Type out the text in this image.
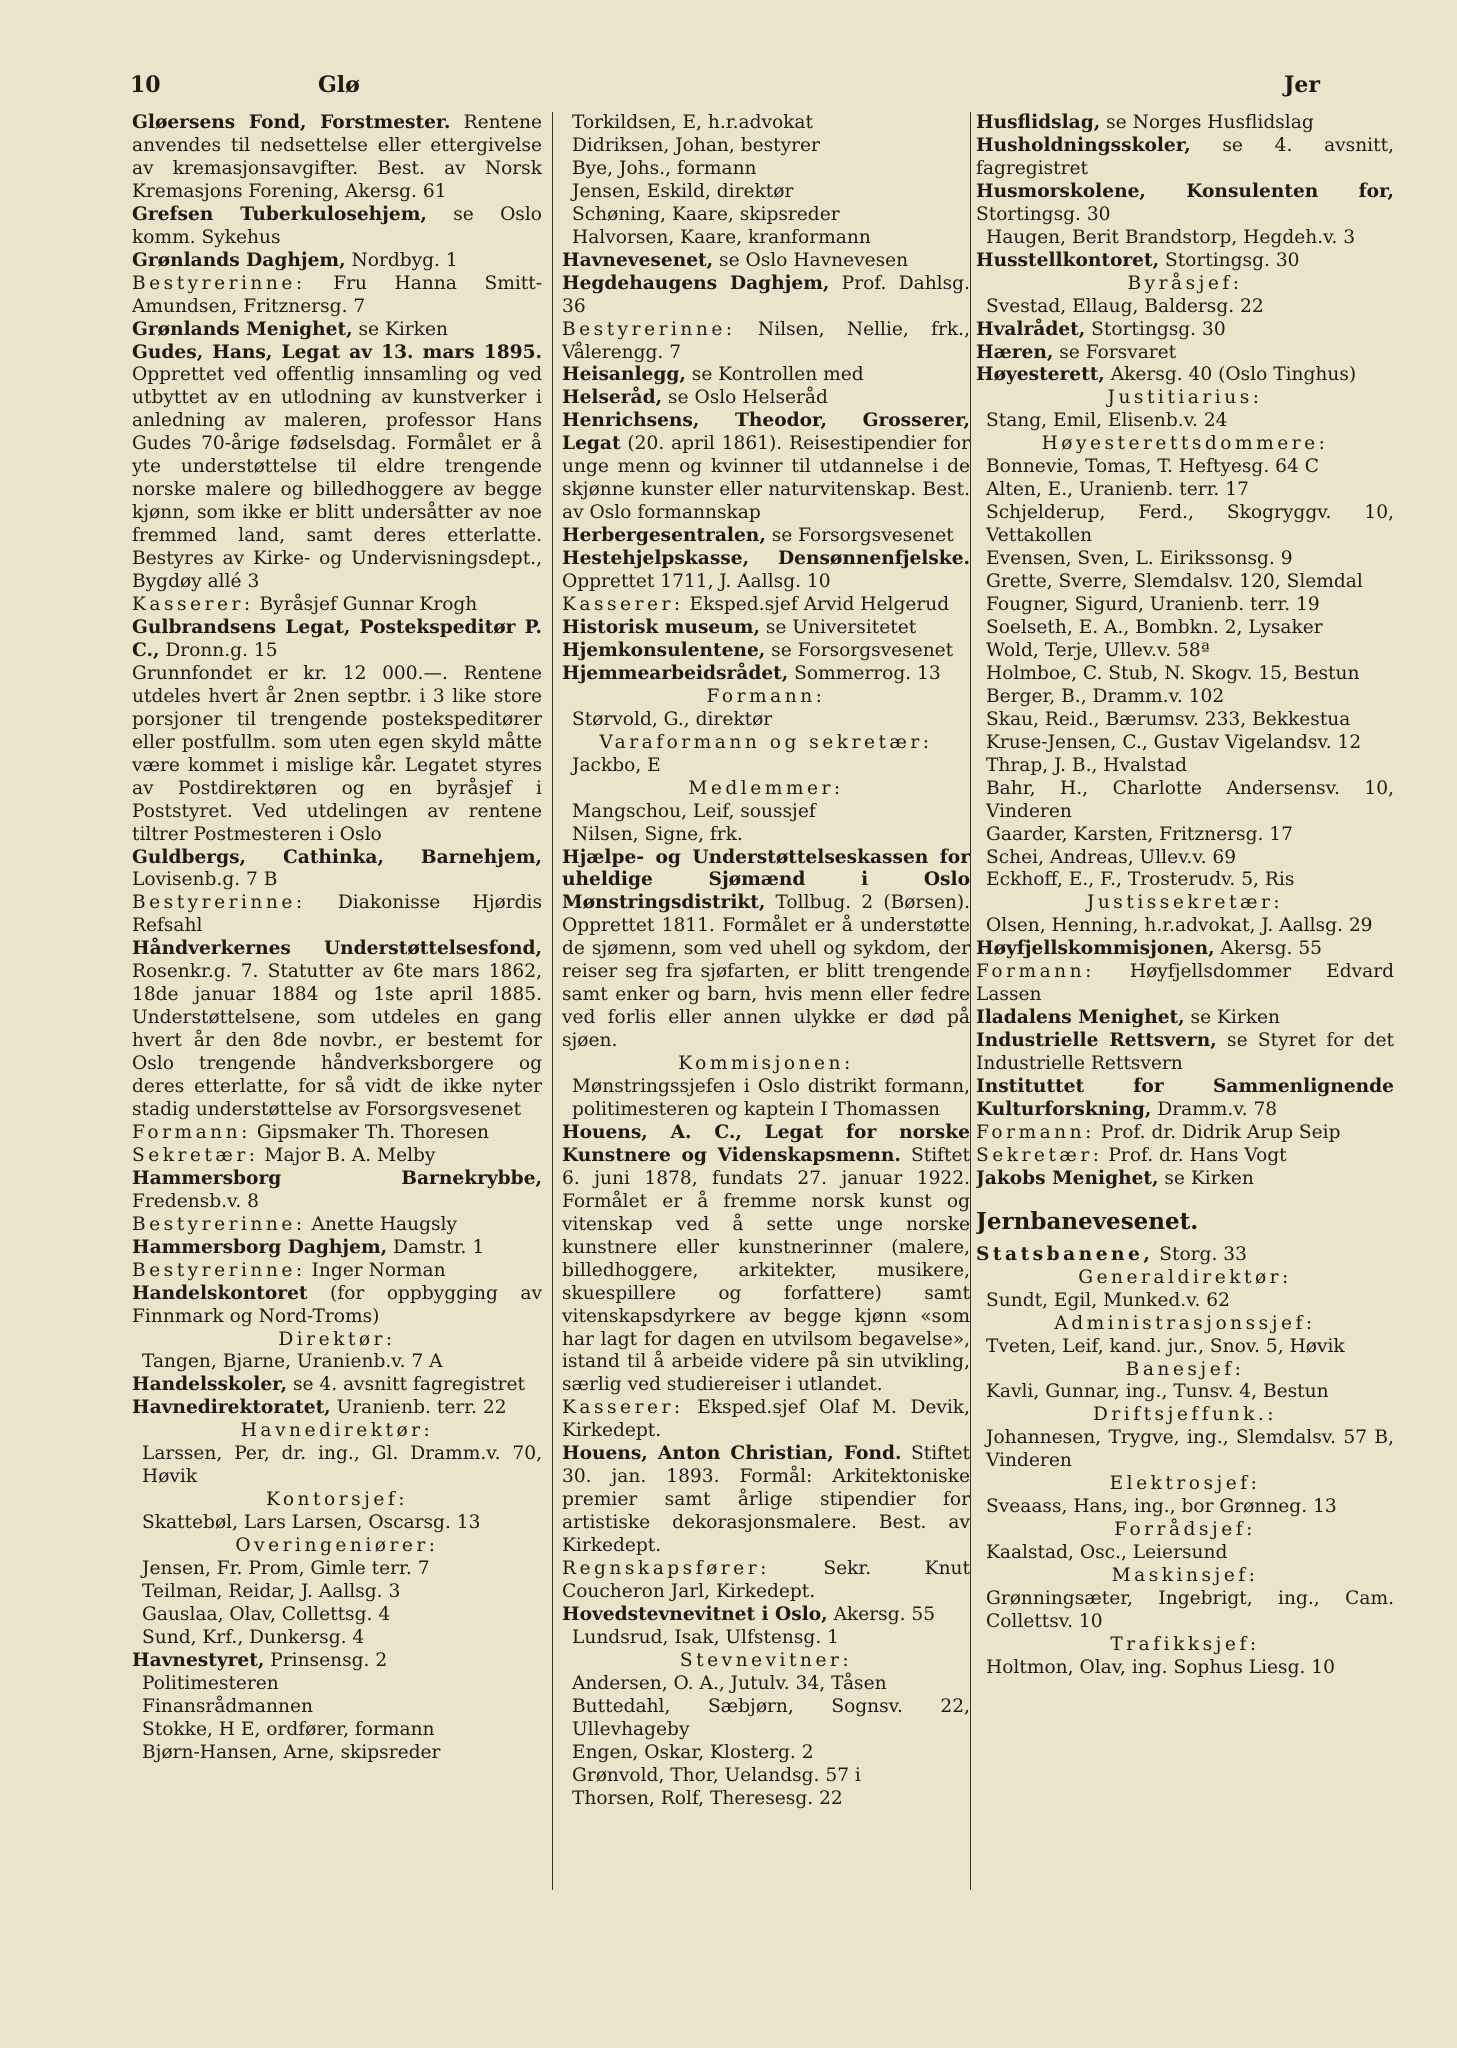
10	Glø	Jer

Gløersens Fond, Forstmester. Rentene anvendes til nedsettelse eller ettergivelse av kremasjonsavgifter. Best. av Norsk Kremasjons Forening, Akersg. 61

Grefsen Tuberkulosehjem, se Oslo komm. Sykehus

Grønlands Daghjem, Nordbyg. 1

Bestyrerinne: Fru Hanna Smitt-Amundsen, Fritznersg. 7

Grønlands Menighet, se Kirken

Gudes, Hans, Legat av 13. mars 1895. Opprettet ved offentlig innsamling og ved utbyttet av en utlodning av kunstverker i anledning av maleren, professor Hans Gudes 70-årige fødselsdag. Formålet er å yte understøttelse til eldre trengende norske malere og billedhoggere av begge kjønn, som ikke er blitt undersåtter av noe fremmed land, samt deres etterlatte. Bestyres av Kirke- og Undervisningsdept., Bygdøy allé 3

Kasserer: Byråsjef Gunnar Krogh

Gulbrandsens Legat, Postekspeditør P. C., Dronn.g. 15

Grunnfondet er kr. 12 000.—. Rentene utdeles hvert år 2nen septbr. i 3 like store porsjoner til trengende postekspeditører eller postfullm. som uten egen skyld måtte være kommet i mislige kår. Legatet styres av Postdirektøren og en byråsjef i Poststyret. Ved utdelingen av rentene tiltrer Postmesteren i Oslo

Guldbergs, Cathinka, Barnehjem, Lovisenb.g. 7 B

Bestyrerinne: Diakonisse Hjørdis Refsahl

Håndverkernes Understøttelsesfond, Rosenkr.g. 7. Statutter av 6te mars 1862, 18de januar 1884 og 1ste april 1885. Understøttelsene, som utdeles en gang hvert år den 8de novbr., er bestemt for Oslo trengende håndverksborgere og deres etterlatte, for så vidt de ikke nyter stadig understøttelse av Forsorgsvesenet

Formann: Gipsmaker Th. Thoresen

Sekretær: Major B. A. Melby

Hammersborg Barnekrybbe, Fredensb.v. 8

Bestyrerinne: Anette Haugsly

Hammersborg Daghjem, Damstr. 1

Bestyrerinne: Inger Norman

Handelskontoret (for oppbygging av Finnmark og Nord-Troms)

Direktør:

Tangen, Bjarne, Uranienb.v. 7 A

Handelsskoler, se 4. avsnitt fagregistret

Havnedirektoratet, Uranienb. terr. 22

Havnedirektør:

Larssen, Per, dr. ing., Gl. Dramm.v. 70, Høvik

Kontorsjef:

Skattebøl, Lars Larsen, Oscarsg. 13

Overingeniører:

Jensen, Fr. Prom, Gimle terr. 7

Teilman, Reidar, J. Aallsg. 3

Gauslaa, Olav, Collettsg. 4

Sund, Krf., Dunkersg. 4

Havnestyret, Prinsensg. 2

Politimesteren

Finansrådmannen

Stokke, H E, ordfører, formann

Bjørn-Hansen, Arne, skipsreder

Torkildsen, E, h.r.advokat

Didriksen, Johan, bestyrer

Bye, Johs., formann

Jensen, Eskild, direktør

Schøning, Kaare, skipsreder

Halvorsen, Kaare, kranformann

Havnevesenet, se Oslo Havnevesen

Hegdehaugens Daghjem, Prof. Dahlsg. 36

Bestyrerinne: Nilsen, Nellie, frk., Vålerengg. 7

Heisanlegg, se Kontrollen med

Helseråd, se Oslo Helseråd

Henrichsens, Theodor, Grosserer, Legat (20. april 1861). Reisestipendier for unge menn og kvinner til utdannelse i de skjønne kunster eller naturvitenskap. Best. av Oslo formannskap

Herbergesentralen, se Forsorgsvesenet

Hestehjelpskasse, Densønnenfjelske. Opprettet 1711, J. Aallsg. 10

Kasserer: Eksped.sjef Arvid Helgerud

Historisk museum, se Universitetet

Hjemkonsulentene, se Forsorgsvesenet

Hjemmearbeidsrådet, Sommerrog. 13

Formann:

Størvold, G., direktør

Varaformann og sekretær:

Jackbo, E

Medlemmer:

Mangschou, Leif, soussjef

Nilsen, Signe, frk.

Hjælpe- og Understøttelseskassen for uheldige Sjømænd i Oslo Mønstringsdistrikt, Tollbug. 2 (Børsen). Opprettet 1811. Formålet er å understøtte de sjømenn, som ved uhell og sykdom, der reiser seg fra sjøfarten, er blitt trengende samt enker og barn, hvis menn eller fedre ved forlis eller annen ulykke er død på sjøen.

Kommisjonen:

Mønstringssjefen i Oslo distrikt formann, politimesteren og kaptein I Thomassen

Houens, A. C., Legat for norske Kunstnere og Videnskapsmenn. Stiftet 6. juni 1878, fundats 27. januar 1922. Formålet er å fremme norsk kunst og vitenskap ved å sette unge norske kunstnere eller kunstnerinner (malere, billedhoggere, arkitekter, musikere, skuespillere og forfattere) samt vitenskapsdyrkere av begge kjønn «som har lagt for dagen en utvilsom begavelse», istand til å arbeide videre på sin utvikling, særlig ved studiereiser i utlandet.

Kasserer: Eksped.sjef Olaf M. Devik, Kirkedept.

Houens, Anton Christian, Fond. Stiftet 30. jan. 1893. Formål: Arkitektoniske premier samt årlige stipendier for artistiske dekorasjonsmalere. Best. av Kirkedept.

Regnskapsfører: Sekr. Knut Coucheron Jarl, Kirkedept.

Hovedstevnevitnet i Oslo, Akersg. 55

Lundsrud, Isak, Ulfstensg. 1

Stevnevitner:

Andersen, O. A., Jutulv. 34, Tåsen

Buttedahl, Sæbjørn, Sognsv. 22, Ullevhageby

Engen, Oskar, Klosterg. 2

Grønvold, Thor, Uelandsg. 57 i

Thorsen, Rolf, Theresesg. 22

Husflidslag, se Norges Husflidslag

Husholdningsskoler, se 4. avsnitt, fagregistret

Husmorskolene, Konsulenten for, Stortingsg. 30

Haugen, Berit Brandstorp, Hegdeh.v. 3

Husstellkontoret, Stortingsg. 30

Byråsjef:

Svestad, Ellaug, Baldersg. 22

Hvalrådet, Stortingsg. 30

Hæren, se Forsvaret

Høyesterett, Akersg. 40 (Oslo Tinghus)

Justitiarius:

Stang, Emil, Elisenb.v. 24

Høyesterettsdommere:

Bonnevie, Tomas, T. Heftyesg. 64 C

Alten, E., Uranienb. terr. 17

Schjelderup, Ferd., Skogryggv. 10, Vettakollen

Evensen, Sven, L. Eirikssonsg. 9

Grette, Sverre, Slemdalsv. 120, Slemdal

Fougner, Sigurd, Uranienb. terr. 19

Soelseth, E. A., Bombkn. 2, Lysaker

Wold, Terje, Ullev.v. 58ª

Holmboe, C. Stub, N. Skogv. 15, Bestun

Berger, B., Dramm.v. 102

Skau, Reid., Bærumsv. 233, Bekkestua

Kruse-Jensen, C., Gustav Vigelandsv. 12

Thrap, J. B., Hvalstad

Bahr, H., Charlotte Andersensv. 10, Vinderen

Gaarder, Karsten, Fritznersg. 17

Schei, Andreas, Ullev.v. 69

Eckhoff, E., F., Trosterudv. 5, Ris

Justissekretær:

Olsen, Henning, h.r.advokat, J. Aallsg. 29

Høyfjellskommisjonen, Akersg. 55

Formann: Høyfjellsdommer Edvard Lassen

Iladalens Menighet, se Kirken

Industrielle Rettsvern, se Styret for det Industrielle Rettsvern

Instituttet for Sammenlignende Kulturforskning, Dramm.v. 78

Formann: Prof. dr. Didrik Arup Seip

Sekretær: Prof. dr. Hans Vogt

Jakobs Menighet, se Kirken

Jernbanevesenet.

Statsbanene, Storg. 33

Generaldirektør:

Sundt, Egil, Munked.v. 62

Administrasjonssjef:

Tveten, Leif, kand. jur., Snov. 5, Høvik

Banesjef:

Kavli, Gunnar, ing., Tunsv. 4, Bestun

Driftsjeffunk.:

Johannesen, Trygve, ing., Slemdalsv. 57 B, Vinderen

Elektrosjef:

Sveaass, Hans, ing., bor Grønneg. 13

Forrådsjef:

Kaalstad, Osc., Leiersund

Maskinsjef:

Grønningsæter, Ingebrigt, ing., Cam. Collettsv. 10

Trafikksjef:

Holtmon, Olav, ing. Sophus Liesg. 10
